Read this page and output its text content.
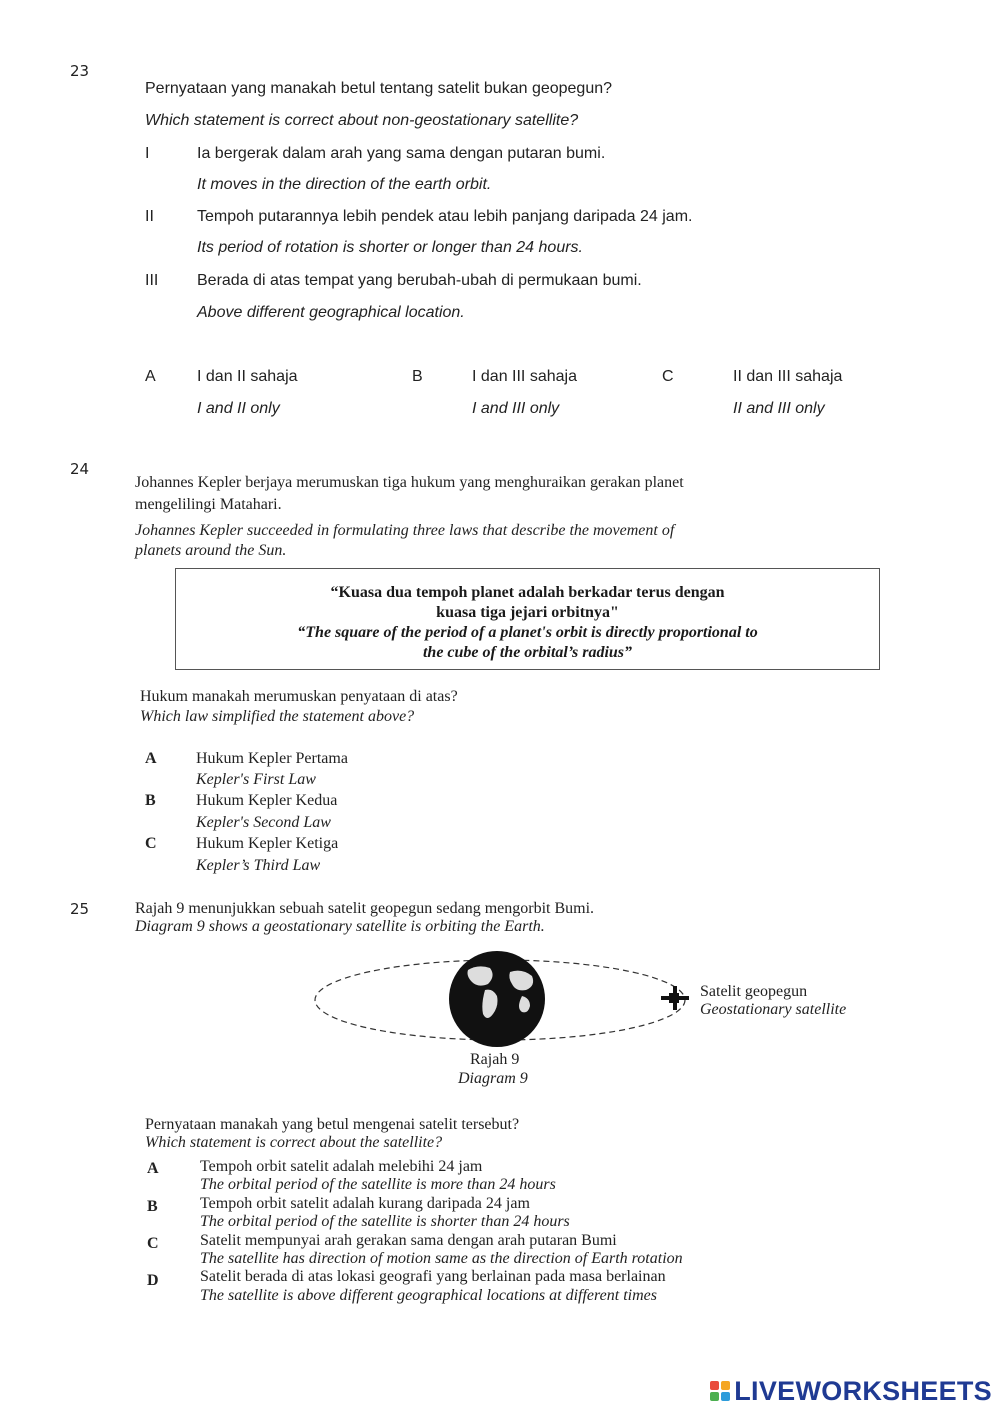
23
Pernyataan yang manakah betul tentang satelit bukan geopegun?
Which statement is correct about non-geostationary satellite?
I	Ia bergerak dalam arah yang sama dengan putaran bumi.
It moves in the direction of the earth orbit.
II	Tempoh putarannya lebih pendek atau lebih panjang daripada 24 jam.
Its period of rotation is shorter or longer than 24 hours.
III Berada di atas tempat yang berubah-ubah di permukaan bumi.
Above different geographical location.
A	I dan II sahaja
I and II only
B	I dan III sahaja
I and III only
C	II dan III sahaja
II and III only
24
Johannes Kepler berjaya merumuskan tiga hukum yang menghuraikan gerakan planet
mengelilingi Matahari.
Johannes Kepler succeeded in formulating three laws that describe the movement of
planets around the Sun.
“Kuasa dua tempoh planet adalah berkadar terus dengan
kuasa tiga jejari orbitnya"
“The square of the period of a planet's orbit is directly proportional to
the cube of the orbital’s radius”
Hukum manakah merumuskan penyataan di atas?
Which law simplified the statement above?
A Hukum Kepler Pertama
Kepler's First Law
B	Hukum Kepler Kedua
Kepler's Second Law
C Hukum Kepler Ketiga
Kepler’s Third Law
25	Rajah 9 menunjukkan sebuah satelit geopegun sedang mengorbit Bumi.
Diagram 9 shows a geostationary satellite is orbiting the Earth.
Satelit geopegun
Geostationary satellite
Rajah 9
Diagram 9
Pernyataan manakah yang betul mengenai satelit tersebut?
Which statement is correct about the satellite?
A	Tempoh orbit satelit adalah melebihi 24 jam
The orbital period of the satellite is more than 24 hours
B	Tempoh orbit satelit adalah kurang daripada 24 jam
The orbital period of the satellite is shorter than 24 hours
C	Satelit mempunyai arah gerakan sama dengan arah putaran Bumi
The satellite has direction of motion same as the direction of Earth rotation
D	Satelit berada di atas lokasi geografi yang berlainan pada masa berlainan
The satellite is above different geographical locations at different times
LIVEWORKSHEETS
